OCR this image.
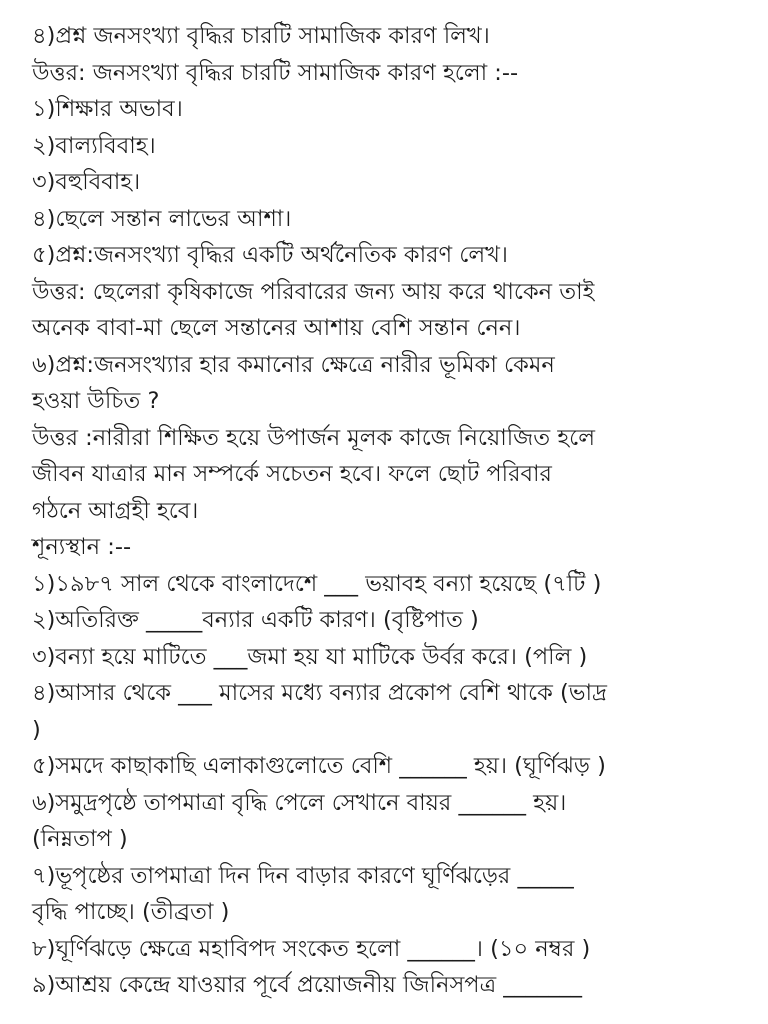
৪)প্রশ্ন জনসংখ্যা বৃদ্ধির চারটি সামাজিক কারণ লিখ।
উত্তর: জনসংখ্যা বৃদ্ধির চারটি সামাজিক কারণ হলো :--
১)শিক্ষার অভাব।
২)বাল্যবিবাহ।
৩)বহুবিবাহ।
৪)ছেলে সন্তান লাভের আশা।
৫)প্রশ্ন:জনসংখ্যা বৃদ্ধির একটি অর্থনৈতিক কারণ লেখ।
উত্তর: ছেলেরা কৃষিকাজে পরিবারের জন্য আয় করে থাকেন তাই
অনেক বাবা-মা ছেলে সন্তানের আশায় বেশি সন্তান নেন।
৬)প্রশ্ন:জনসংখ্যার হার কমানোর ক্ষেত্রে নারীর ভূমিকা কেমন
হওয়া উচিত ?
উত্তর :নারীরা শিক্ষিত হয়ে উপার্জন মূলক কাজে নিয়োজিত হলে
জীবন যাত্রার মান সম্পর্কে সচেতন হবে। ফলে ছোট পরিবার
গঠনে আগ্রহী হবে।
শূন্যস্থান :--
১)১৯৮৭ সাল থেকে বাংলাদেশে ___ ভয়াবহ বন্যা হয়েছে (৭টি )
২)অতিরিক্ত _____বন্যার একটি কারণ। (বৃষ্টিপাত )
৩)বন্যা হয়ে মাটিতে ___জমা হয় যা মাটিকে উর্বর করে। (পলি )
৪)আসার থেকে ___ মাসের মধ্যে বন্যার প্রকোপ বেশি থাকে (ভাদ্র
)
৫)সমদে কাছাকাছি এলাকাগুলোতে বেশি ______ হয়। (ঘূর্ণিঝড় )
৬)সমুদ্রপৃষ্ঠে তাপমাত্রা বৃদ্ধি পেলে সেখানে বায়র ______ হয়।
(নিম্নতাপ )
৭)ভূপৃষ্ঠের তাপমাত্রা দিন দিন বাড়ার কারণে ঘূর্ণিঝড়ের _____
বৃদ্ধি পাচ্ছে। (তীব্রতা )
৮)ঘূর্ণিঝড়ে ক্ষেত্রে মহাবিপদ সংকেত হলো ______। (১০ নম্বর )
৯)আশ্রয় কেন্দ্রে যাওয়ার পূর্বে প্রয়োজনীয় জিনিসপত্র _______
